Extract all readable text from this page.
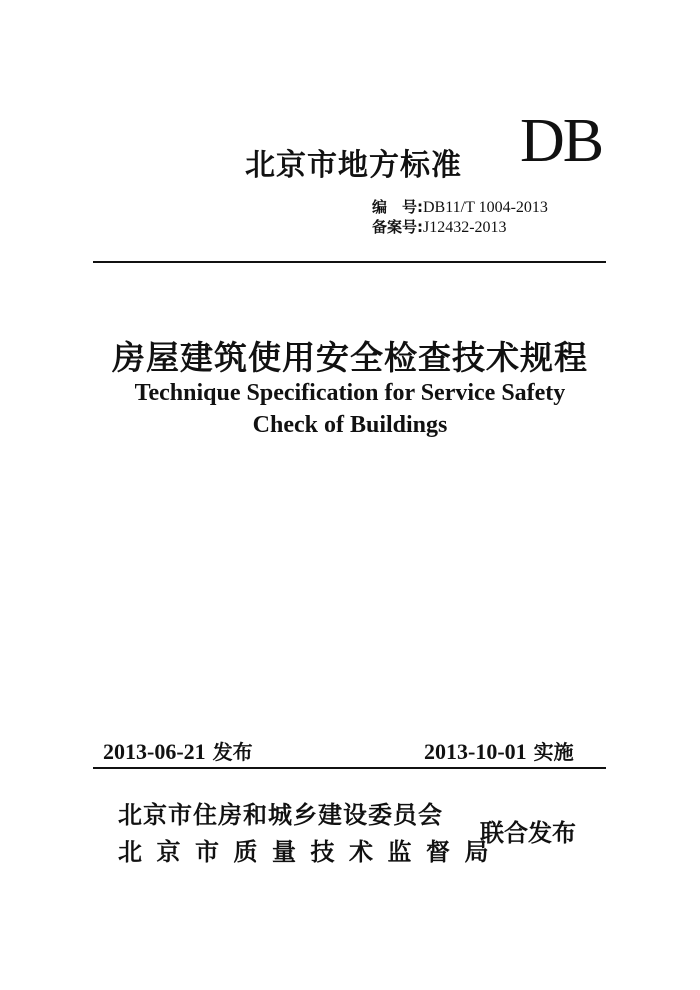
北京市地方标准 DB
编　号:DB11/T 1004-2013
备案号:J12432-2013
房屋建筑使用安全检查技术规程
Technique Specification for Service Safety
Check of Buildings
2013-06-21 发布	2013-10-01 实施
北京市住房和城乡建设委员会
北京市质量技术监督局
联合发布
